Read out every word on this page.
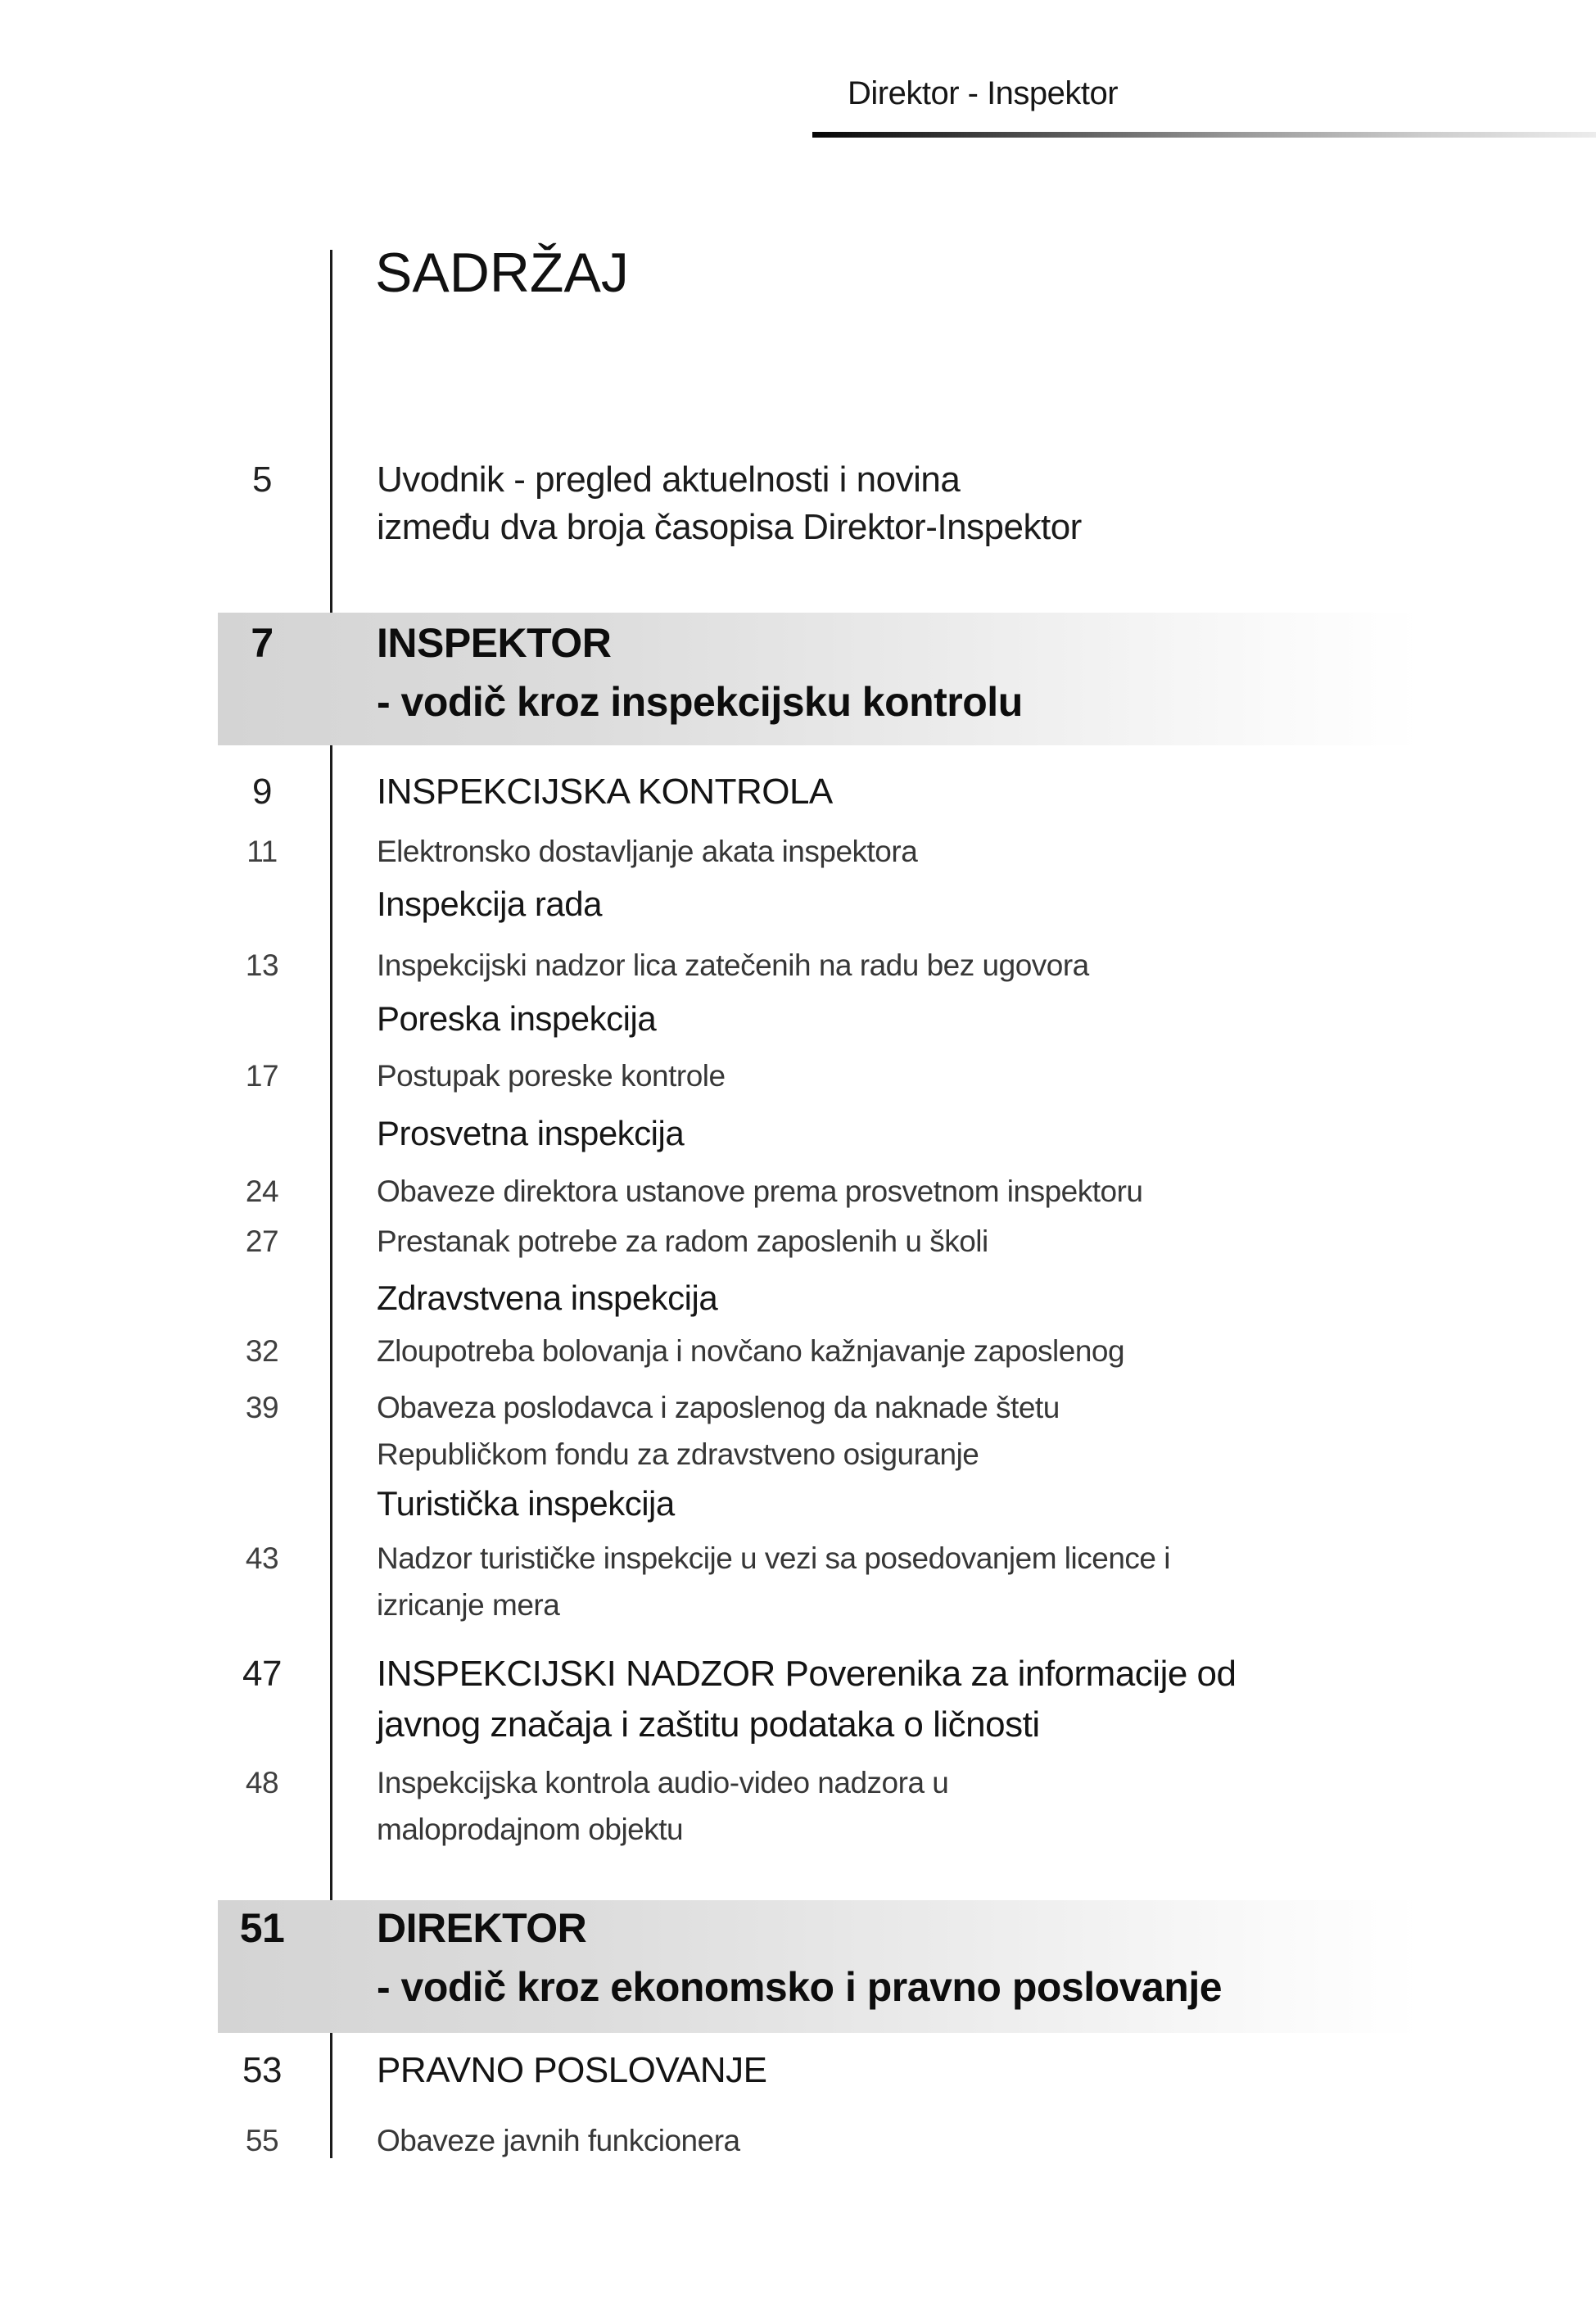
Direktor - Inspektor
SADRŽAJ
5	Uvodnik - pregled aktuelnosti i novina
između dva broja časopisa Direktor-Inspektor
7	INSPEKTOR
- vodič kroz inspekcijsku kontrolu
9	INSPEKCIJSKA KONTROLA
11	Elektronsko dostavljanje akata inspektora
Inspekcija rada
13	Inspekcijski nadzor lica zatečenih na radu bez ugovora
Poreska inspekcija
17	Postupak poreske kontrole
Prosvetna inspekcija
24	Obaveze direktora ustanove prema prosvetnom inspektoru
27	Prestanak potrebe za radom zaposlenih u školi
Zdravstvena inspekcija
32	Zloupotreba bolovanja i novčano kažnjavanje zaposlenog
39	Obaveza poslodavca i zaposlenog da naknade štetu
Republičkom fondu za zdravstveno osiguranje
Turistička inspekcija
43	Nadzor turističke inspekcije u vezi sa posedovanjem licence i
izricanje mera
47	INSPEKCIJSKI NADZOR Poverenika za informacije od
javnog značaja i zaštitu podataka o ličnosti
48	Inspekcijska kontrola audio-video nadzora u
maloprodajnom objektu
51	DIREKTOR
- vodič kroz ekonomsko i pravno poslovanje
53	PRAVNO POSLOVANJE
55	Obaveze javnih funkcionera
